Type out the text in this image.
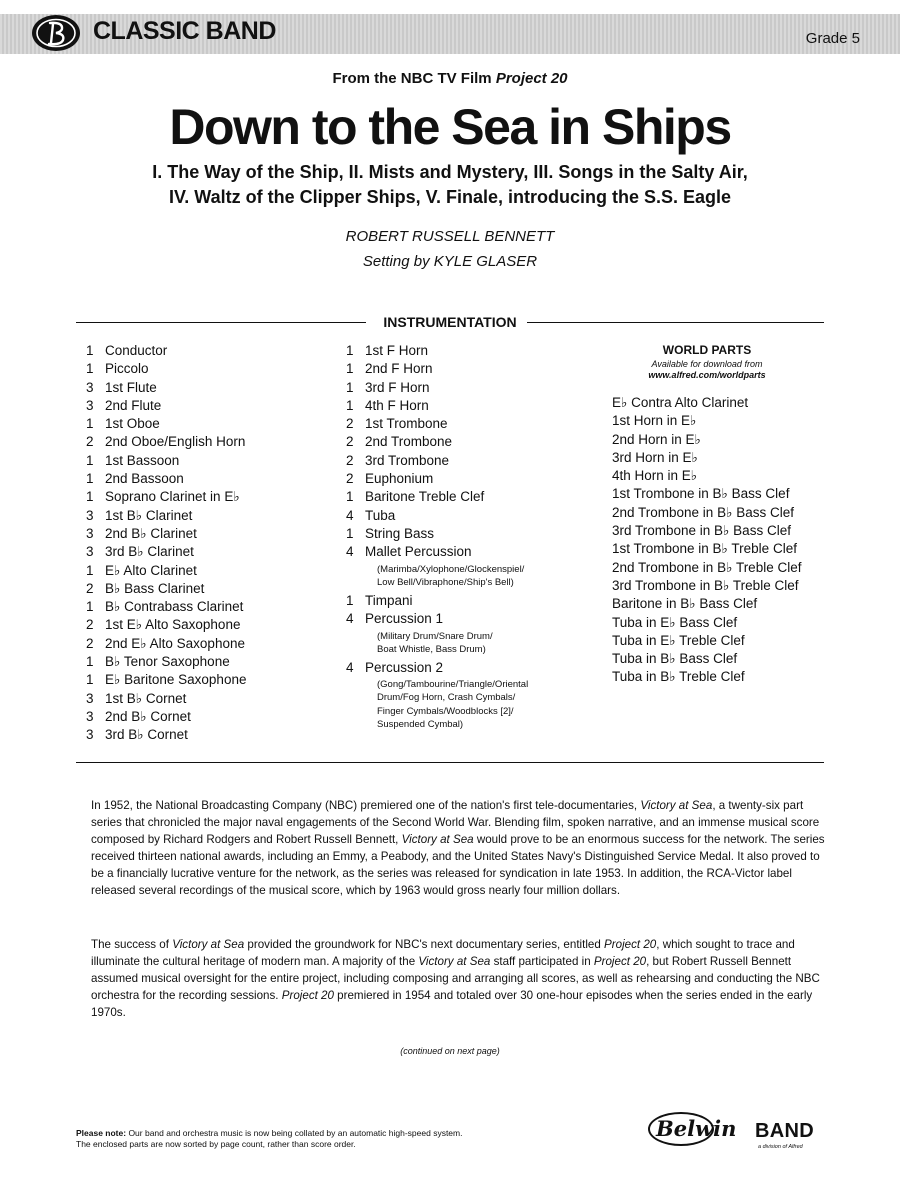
CLASSIC BAND	Grade 5
From the NBC TV Film Project 20
Down to the Sea in Ships
I. The Way of the Ship, II. Mists and Mystery, III. Songs in the Salty Air,
IV. Waltz of the Clipper Ships, V. Finale, introducing the S.S. Eagle
ROBERT RUSSELL BENNETT
Setting by KYLE GLASER
INSTRUMENTATION
1 Conductor
1 Piccolo
3 1st Flute
3 2nd Flute
1 1st Oboe
2 2nd Oboe/English Horn
1 1st Bassoon
1 2nd Bassoon
1 Soprano Clarinet in E♭
3 1st B♭ Clarinet
3 2nd B♭ Clarinet
3 3rd B♭ Clarinet
1 E♭ Alto Clarinet
2 B♭ Bass Clarinet
1 B♭ Contrabass Clarinet
2 1st E♭ Alto Saxophone
2 2nd E♭ Alto Saxophone
1 B♭ Tenor Saxophone
1 E♭ Baritone Saxophone
3 1st B♭ Cornet
3 2nd B♭ Cornet
3 3rd B♭ Cornet
1 1st F Horn
1 2nd F Horn
1 3rd F Horn
1 4th F Horn
2 1st Trombone
2 2nd Trombone
2 3rd Trombone
2 Euphonium
1 Baritone Treble Clef
4 Tuba
1 String Bass
4 Mallet Percussion
(Marimba/Xylophone/Glockenspiel/
Low Bell/Vibraphone/Ship's Bell)
1 Timpani
4 Percussion 1
(Military Drum/Snare Drum/
Boat Whistle, Bass Drum)
4 Percussion 2
(Gong/Tambourine/Triangle/Oriental
Drum/Fog Horn, Crash Cymbals/
Finger Cymbals/Woodblocks [2]/
Suspended Cymbal)
WORLD PARTS
Available for download from
www.alfred.com/worldparts
E♭ Contra Alto Clarinet
1st Horn in E♭
2nd Horn in E♭
3rd Horn in E♭
4th Horn in E♭
1st Trombone in B♭ Bass Clef
2nd Trombone in B♭ Bass Clef
3rd Trombone in B♭ Bass Clef
1st Trombone in B♭ Treble Clef
2nd Trombone in B♭ Treble Clef
3rd Trombone in B♭ Treble Clef
Baritone in B♭ Bass Clef
Tuba in E♭ Bass Clef
Tuba in E♭ Treble Clef
Tuba in B♭ Bass Clef
Tuba in B♭ Treble Clef
In 1952, the National Broadcasting Company (NBC) premiered one of the nation's first tele-documentaries, Victory at Sea, a twenty-six part series that chronicled the major naval engagements of the Second World War. Blending film, spoken narrative, and an immense musical score composed by Richard Rodgers and Robert Russell Bennett, Victory at Sea would prove to be an enormous success for the network. The series received thirteen national awards, including an Emmy, a Peabody, and the United States Navy's Distinguished Service Medal. It also proved to be a financially lucrative venture for the network, as the series was released for syndication in late 1953. In addition, the RCA-Victor label released several recordings of the musical score, which by 1963 would gross nearly four million dollars.
The success of Victory at Sea provided the groundwork for NBC's next documentary series, entitled Project 20, which sought to trace and illuminate the cultural heritage of modern man. A majority of the Victory at Sea staff participated in Project 20, but Robert Russell Bennett assumed musical oversight for the entire project, including composing and arranging all scores, as well as rehearsing and conducting the NBC orchestra for the recording sessions. Project 20 premiered in 1954 and totaled over 30 one-hour episodes when the series ended in the early 1970s.
(continued on next page)
Please note: Our band and orchestra music is now being collated by an automatic high-speed system.
The enclosed parts are now sorted by page count, rather than score order.
Belwin BAND
a division of Alfred
